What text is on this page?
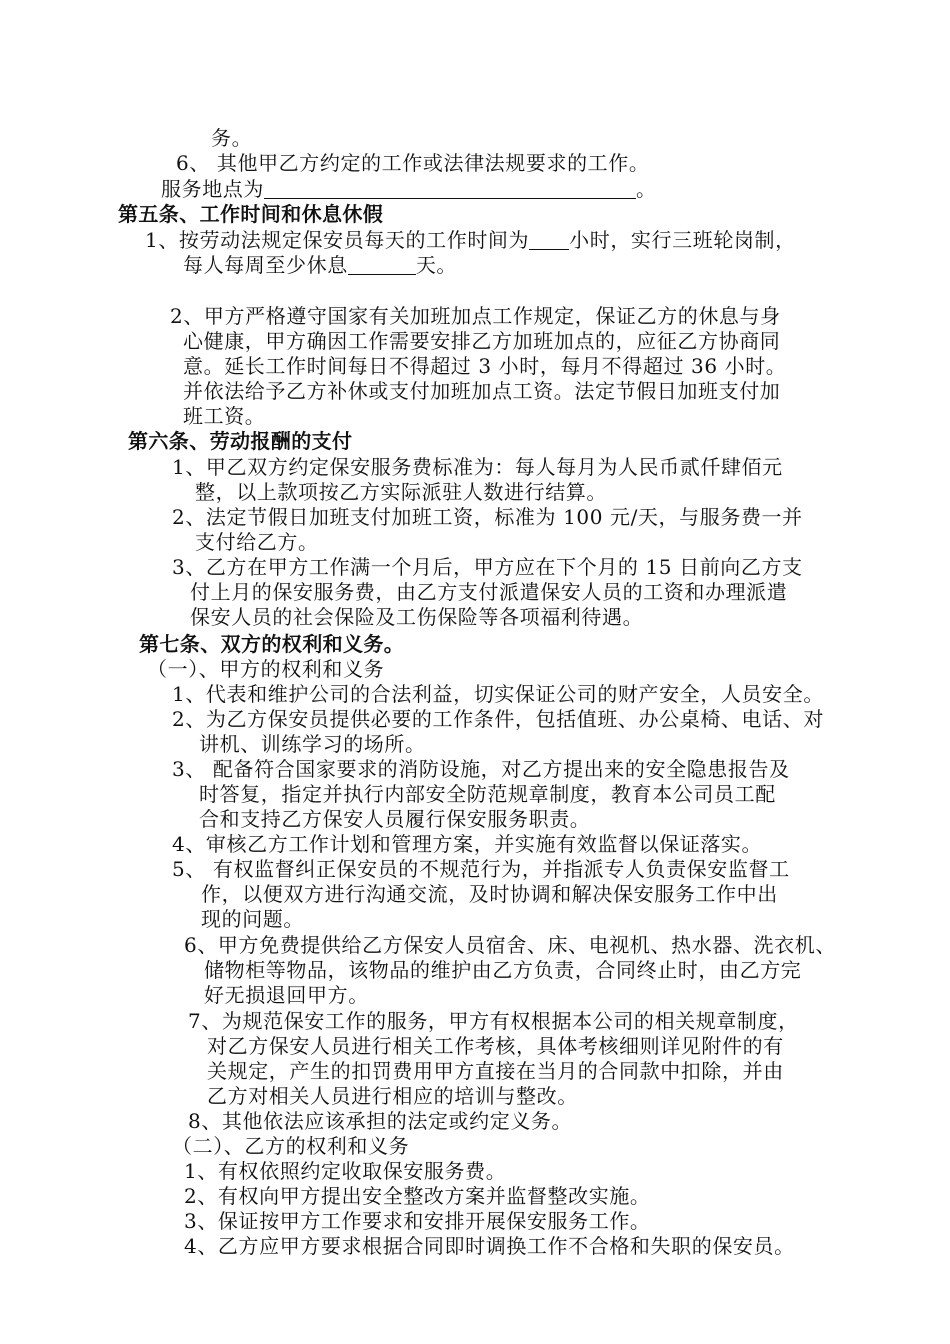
务。
6、 其他甲乙方约定的工作或法律法规要求的工作。
服务地点为	。
第五条、工作时间和休息休假
1、按劳动法规定保安员每天的工作时间为 小时，实行三班轮岗制，
每人每周至少休息	天。
2、甲方严格遵守国家有关加班加点工作规定，保证乙方的休息与身
心健康，甲方确因工作需要安排乙方加班加点的，应征乙方协商同
意。延长工作时间每日不得超过 3 小时，每月不得超过 36 小时。
并依法给予乙方补休或支付加班加点工资。法定节假日加班支付加
班工资。
第六条、劳动报酬的支付
1、甲乙双方约定保安服务费标准为：每人每月为人民币贰仟肆佰元
整，以上款项按乙方实际派驻人数进行结算。
2、法定节假日加班支付加班工资，标准为 100 元/天，与服务费一并
支付给乙方。
3、乙方在甲方工作满一个月后，甲方应在下个月的 15 日前向乙方支
付上月的保安服务费，由乙方支付派遣保安人员的工资和办理派遣
保安人员的社会保险及工伤保险等各项福利待遇。
第七条、双方的权利和义务。
（一）、甲方的权利和义务
1、代表和维护公司的合法利益，切实保证公司的财产安全，人员安全。
2、为乙方保安员提供必要的工作条件，包括值班、办公桌椅、电话、对
讲机、训练学习的场所。
3、 配备符合国家要求的消防设施，对乙方提出来的安全隐患报告及
时答复，指定并执行内部安全防范规章制度，教育本公司员工配
合和支持乙方保安人员履行保安服务职责。
4、审核乙方工作计划和管理方案，并实施有效监督以保证落实。
5、 有权监督纠正保安员的不规范行为，并指派专人负责保安监督工
作，以便双方进行沟通交流，及时协调和解决保安服务工作中出
现的问题。
6、甲方免费提供给乙方保安人员宿舍、床、电视机、热水器、洗衣机、
储物柜等物品，该物品的维护由乙方负责，合同终止时，由乙方完
好无损退回甲方。
7、为规范保安工作的服务，甲方有权根据本公司的相关规章制度，
对乙方保安人员进行相关工作考核，具体考核细则详见附件的有
关规定，产生的扣罚费用甲方直接在当月的合同款中扣除，并由
乙方对相关人员进行相应的培训与整改。
8、其他依法应该承担的法定或约定义务。
（二）、乙方的权利和义务
1、有权依照约定收取保安服务费。
2、有权向甲方提出安全整改方案并监督整改实施。
3、保证按甲方工作要求和安排开展保安服务工作。
4、乙方应甲方要求根据合同即时调换工作不合格和失职的保安员。
